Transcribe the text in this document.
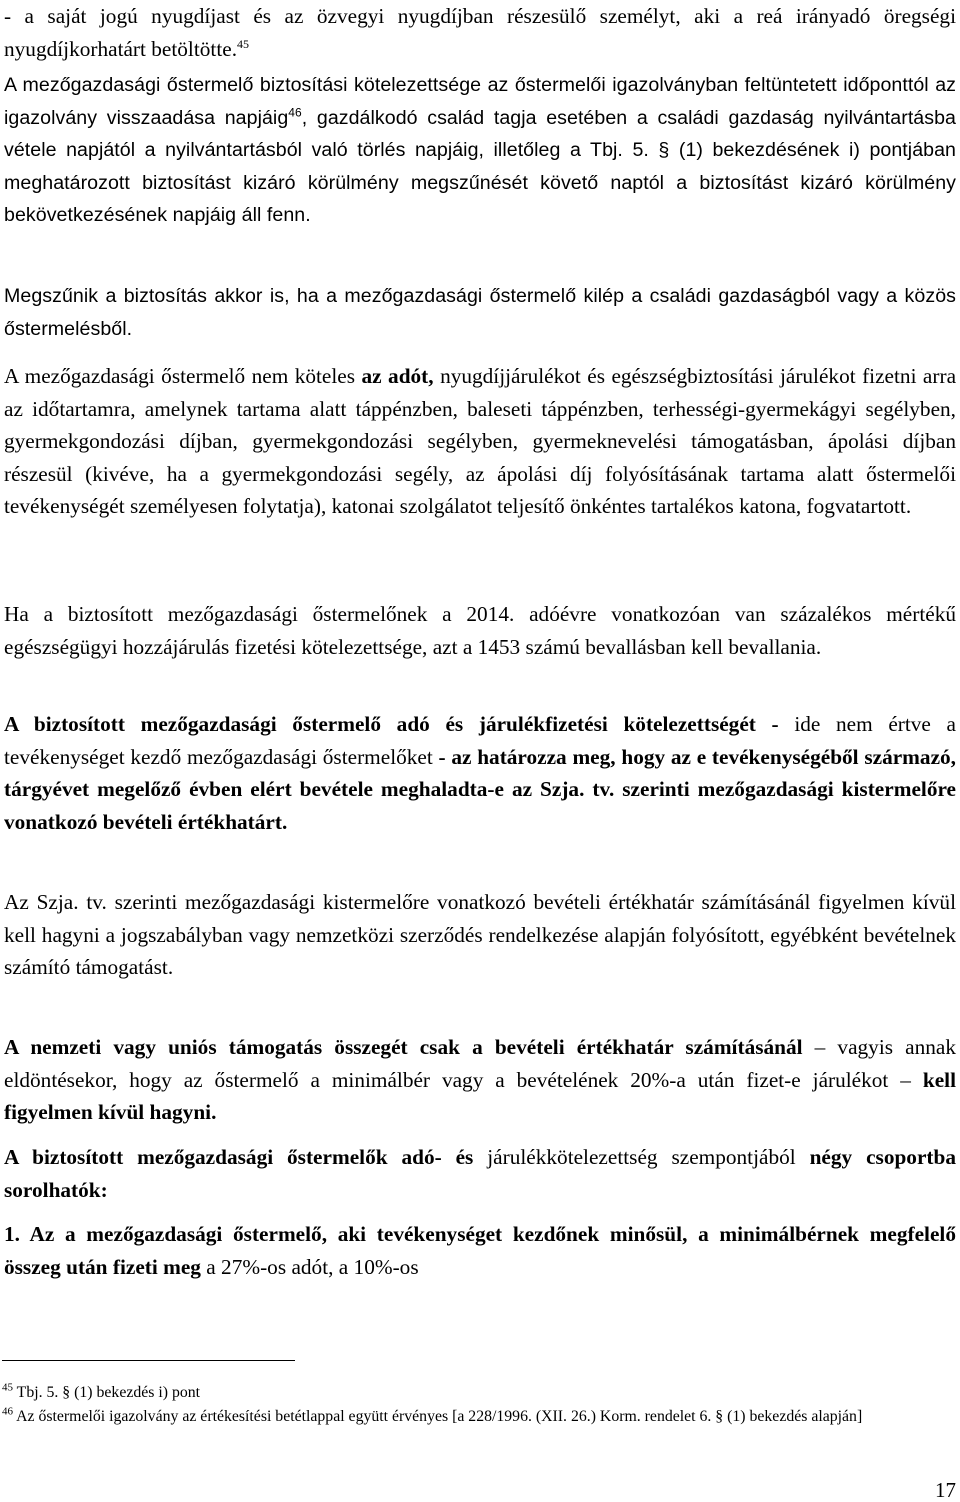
- a saját jogú nyugdíjast és az özvegyi nyugdíjban részesülő személyt, aki a reá irányadó öregségi nyugdíjkorhatárt betöltötte.$^{45}$

A mezőgazdasági őstermelő biztosítási kötelezettsége az őstermelői igazolványban feltüntetett időponttól az igazolvány visszaadása napjáig$^{46}$, gazdálkodó család tagja esetében a családi gazdaság nyilvántartásba vétele napjától a nyilvántartásból való törlés napjáig, illetőleg a Tbj. 5. § (1) bekezdésének i) pontjában meghatározott biztosítást kizáró körülmény megszűnését követő naptól a biztosítást kizáró körülmény bekövetkezésének napjáig áll fenn.

Megszűnik a biztosítás akkor is, ha a mezőgazdasági őstermelő kilép a családi gazdaságból vagy a közös őstermelésből.

A mezőgazdasági őstermelő nem köteles az adót, nyugdíjjárulékot és egészségbiztosítási járulékot fizetni arra az időtartamra, amelynek tartama alatt táppénzben, baleseti táppénzben, terhességi-gyermekágyi segélyben, gyermekgondozási díjban, gyermekgondozási segélyben, gyermeknevelési támogatásban, ápolási díjban részesül (kivéve, ha a gyermekgondozási segély, az ápolási díj folyósításának tartama alatt őstermelői tevékenységét személyesen folytatja), katonai szolgálatot teljesítő önkéntes tartalékos katona, fogvatartott.

Ha a biztosított mezőgazdasági őstermelőnek a 2014. adóévre vonatkozóan van százalékos mértékű egészségügyi hozzájárulás fizetési kötelezettsége, azt a 1453 számú bevallásban kell bevallania.

A biztosított mezőgazdasági őstermelő adó és járulékfizetési kötelezettségét - ide nem értve a tevékenységet kezdő mezőgazdasági őstermelőket - az határozza meg, hogy az e tevékenységéből származó, tárgyévet megelőző évben elért bevétele meghaladta-e az Szja. tv. szerinti mezőgazdasági kistermelőre vonatkozó bevételi értékhatárt.

Az Szja. tv. szerinti mezőgazdasági kistermelőre vonatkozó bevételi értékhatár számításánál figyelmen kívül kell hagyni a jogszabályban vagy nemzetközi szerződés rendelkezése alapján folyósított, egyébként bevételnek számító támogatást.

A nemzeti vagy uniós támogatás összegét csak a bevételi értékhatár számításánál – vagyis annak eldöntésekor, hogy az őstermelő a minimálbér vagy a bevételének 20%-a után fizet-e járulékot – kell figyelmen kívül hagyni.

A biztosított mezőgazdasági őstermelők adó- és járulékkötelezettség szempontjából négy csoportba sorolhatók:

1. Az a mezőgazdasági őstermelő, aki tevékenységet kezdőnek minősül, a minimálbérnek megfelelő összeg után fizeti meg a 27%-os adót, a 10%-os

$^{45}$ Tbj. 5. § (1) bekezdés i) pont

$^{46}$ Az őstermelői igazolvány az értékesítési betétlappal együtt érvényes [a 228/1996. (XII. 26.) Korm. rendelet 6. § (1) bekezdés alapján]

17
